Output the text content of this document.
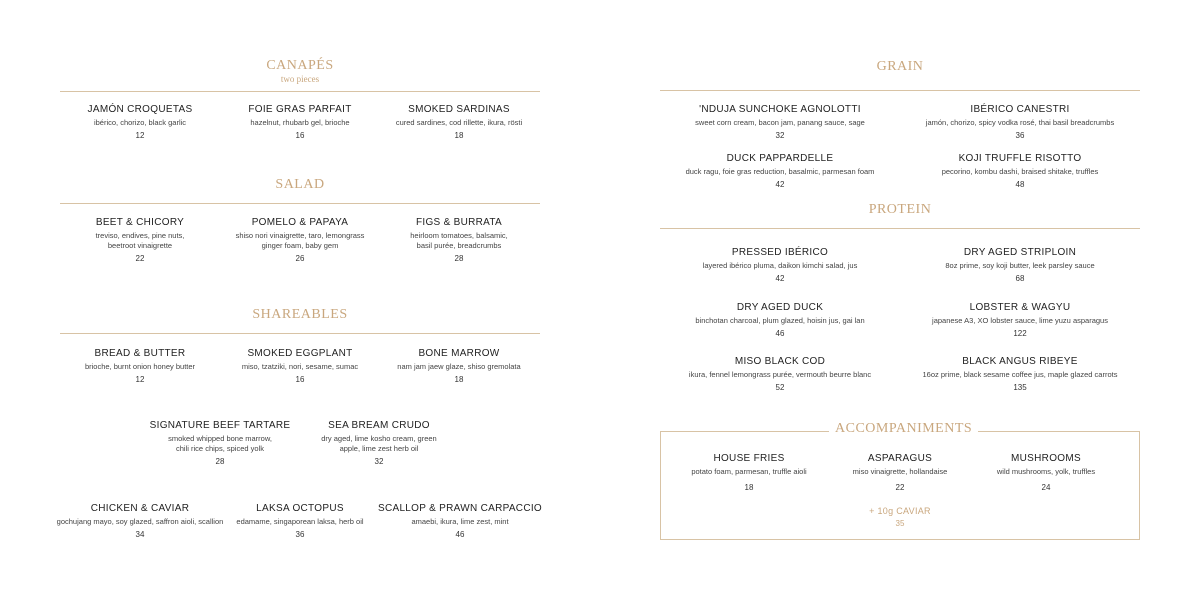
CANAPÉS
two pieces
JAMÓN CROQUETAS
ibérico, chorizo, black garlic
12
FOIE GRAS PARFAIT
hazelnut, rhubarb gel, brioche
16
SMOKED SARDINAS
cured sardines, cod rillette, ikura, rösti
18
SALAD
BEET & CHICORY
treviso, endives, pine nuts, beetroot vinaigrette
22
POMELO & PAPAYA
shiso nori vinaigrette, taro, lemongrass ginger foam, baby gem
26
FIGS & BURRATA
heirloom tomatoes, balsamic, basil purée, breadcrumbs
28
SHAREABLES
BREAD & BUTTER
brioche, burnt onion honey butter
12
SMOKED EGGPLANT
miso, tzatziki, nori, sesame, sumac
16
BONE MARROW
nam jam jaew glaze, shiso gremolata
18
SIGNATURE BEEF TARTARE
smoked whipped bone marrow, chili rice chips, spiced yolk
28
SEA BREAM CRUDO
dry aged, lime kosho cream, green apple, lime zest herb oil
32
CHICKEN & CAVIAR
gochujang mayo, soy glazed, saffron aioli, scallion
34
LAKSA OCTOPUS
edamame, singaporean laksa, herb oil
36
SCALLOP & PRAWN CARPACCIO
amaebi, ikura, lime zest, mint
46
GRAIN
'NDUJA SUNCHOKE AGNOLOTTI
sweet corn cream, bacon jam, panang sauce, sage
32
IBÉRICO CANESTRI
jamón, chorizo, spicy vodka rosé, thai basil breadcrumbs
36
DUCK PAPPARDELLE
duck ragu, foie gras reduction, basalmic, parmesan foam
42
KOJI TRUFFLE RISOTTO
pecorino, kombu dashi, braised shitake, truffles
48
PROTEIN
PRESSED IBÉRICO
layered ibérico pluma, daikon kimchi salad, jus
42
DRY AGED STRIPLOIN
8oz prime, soy koji butter, leek parsley sauce
68
DRY AGED DUCK
binchotan charcoal, plum glazed, hoisin jus, gai lan
46
LOBSTER & WAGYU
japanese A3, XO lobster sauce, lime yuzu asparagus
122
MISO BLACK COD
ikura, fennel lemongrass purée, vermouth beurre blanc
52
BLACK ANGUS RIBEYE
16oz prime, black sesame coffee jus, maple glazed carrots
135
ACCOMPANIMENTS
HOUSE FRIES
potato foam, parmesan, truffle aioli
18
ASPARAGUS
miso vinaigrette, hollandaise
22
MUSHROOMS
wild mushrooms, yolk, truffles
24
+ 10g CAVIAR
35
